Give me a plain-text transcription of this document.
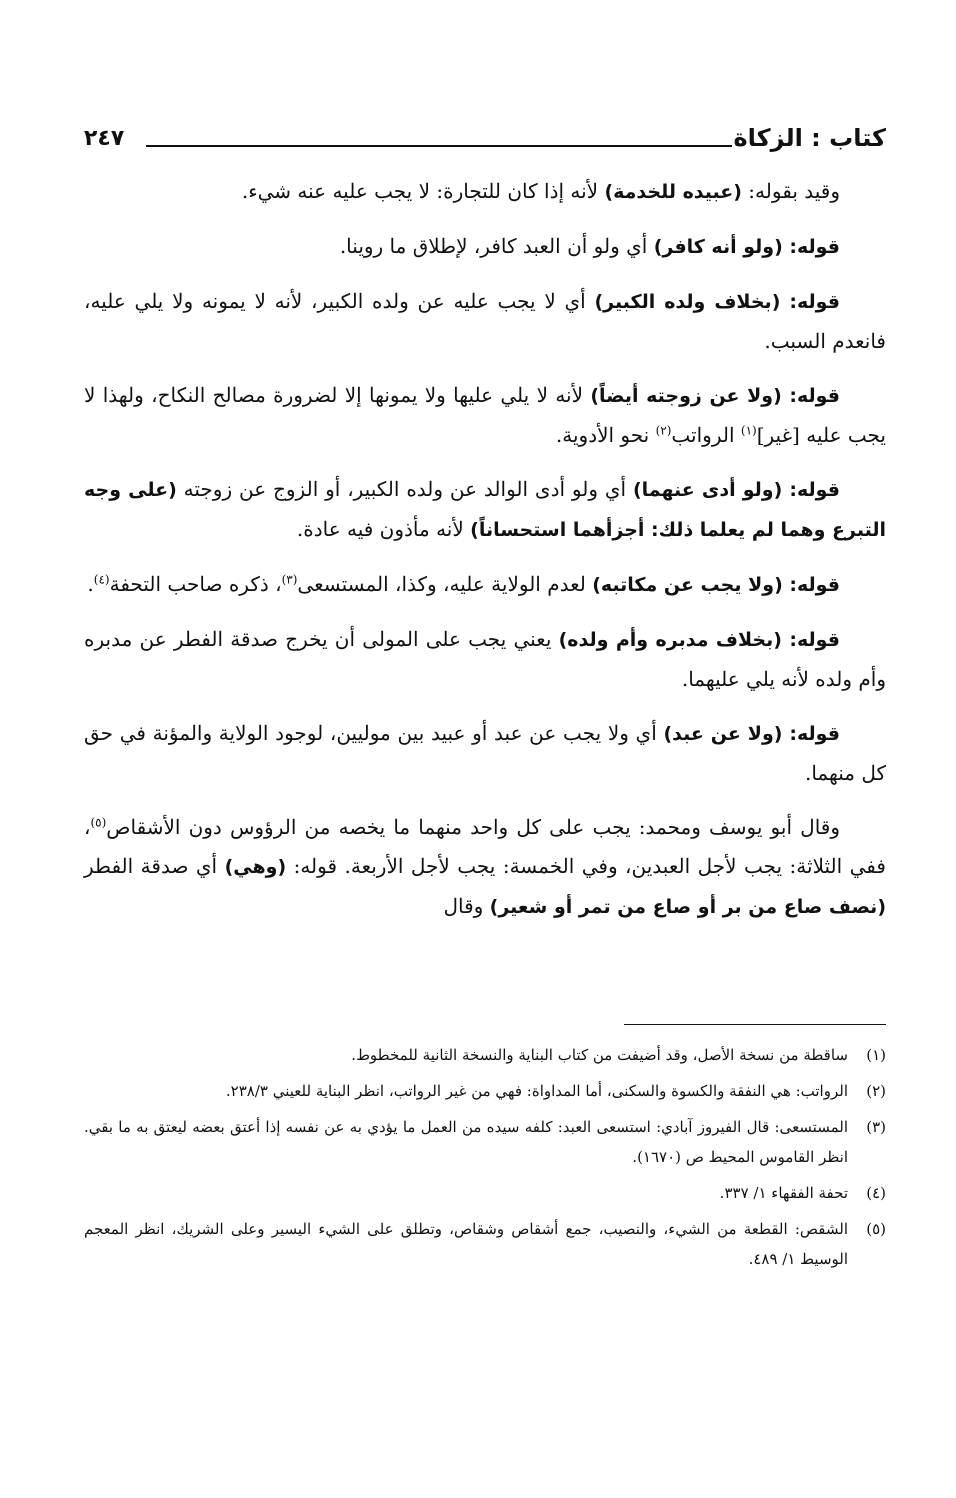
كتاب : الزكاة
٢٤٧

وقيد بقوله: (عبيده للخدمة) لأنه إذا كان للتجارة: لا يجب عليه عنه شيء.

قوله: (ولو أنه كافر) أي ولو أن العبد كافر، لإطلاق ما روينا.

قوله: (بخلاف ولده الكبير) أي لا يجب عليه عن ولده الكبير، لأنه لا يمونه ولا يلي عليه، فانعدم السبب.

قوله: (ولا عن زوجته أيضاً) لأنه لا يلي عليها ولا يمونها إلا لضرورة مصالح النكاح، ولهذا لا يجب عليه [غير]$^{(١)}$ الرواتب$^{(٢)}$ نحو الأدوية.

قوله: (ولو أدى عنهما) أي ولو أدى الوالد عن ولده الكبير، أو الزوج عن زوجته (على وجه التبرع وهما لم يعلما ذلك: أجزأهما استحساناً) لأنه مأذون فيه عادة.

قوله: (ولا يجب عن مكاتبه) لعدم الولاية عليه، وكذا، المستسعى$^{(٣)}$، ذكره صاحب التحفة$^{(٤)}$.

قوله: (بخلاف مدبره وأم ولده) يعني يجب على المولى أن يخرج صدقة الفطر عن مدبره وأم ولده لأنه يلي عليهما.

قوله: (ولا عن عبد) أي ولا يجب عن عبد أو عبيد بين موليين، لوجود الولاية والمؤنة في حق كل منهما.

وقال أبو يوسف ومحمد: يجب على كل واحد منهما ما يخصه من الرؤوس دون الأشقاص$^{(٥)}$، ففي الثلاثة: يجب لأجل العبدين، وفي الخمسة: يجب لأجل الأربعة. قوله: (وهي) أي صدقة الفطر (نصف صاع من بر أو صاع من تمر أو شعير) وقال

(١)
ساقطة من نسخة الأصل، وقد أضيفت من كتاب البناية والنسخة الثانية للمخطوط.
(٢)
الرواتب: هي النفقة والكسوة والسكنى، أما المداواة: فهي من غير الرواتب، انظر البناية للعيني ٢٣٨/٣.
(٣)
المستسعى: قال الفيروز آبادي: استسعى العبد: كلفه سيده من العمل ما يؤدي به عن نفسه إذا أعتق بعضه ليعتق به ما بقي. انظر القاموس المحيط ص (١٦٧٠).
(٤)
تحفة الفقهاء ١/ ٣٣٧.
(٥)
الشقص: القطعة من الشيء، والنصيب، جمع أشقاص وشقاص، وتطلق على الشيء اليسير وعلى الشريك، انظر المعجم الوسيط ١/ ٤٨٩.
